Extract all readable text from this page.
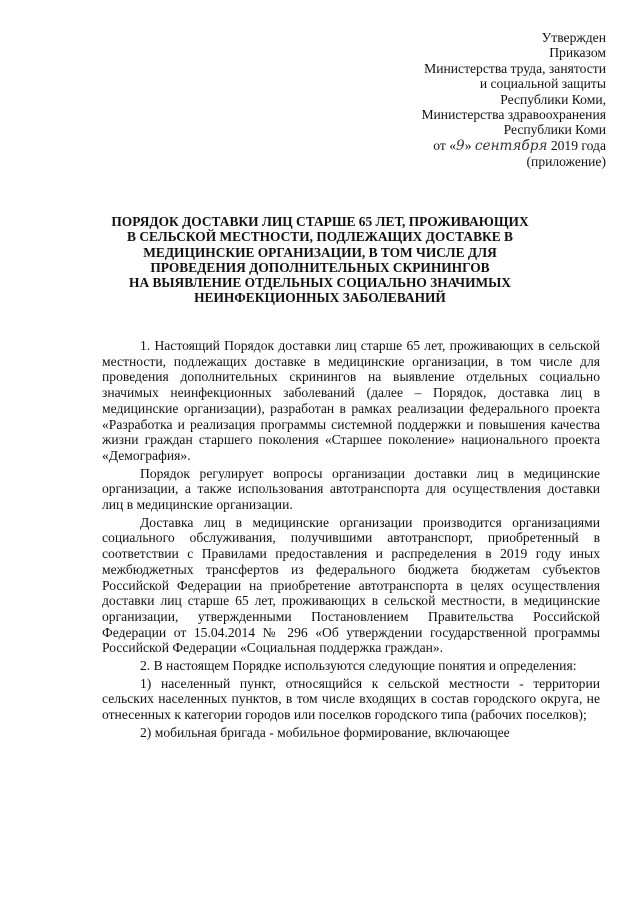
Утвержден
Приказом
Министерства труда, занятости
и социальной защиты
Республики Коми,
Министерства здравоохранения
Республики Коми
от «9» сентября 2019 года
(приложение)
ПОРЯДОК ДОСТАВКИ ЛИЦ СТАРШЕ 65 ЛЕТ, ПРОЖИВАЮЩИХ
В СЕЛЬСКОЙ МЕСТНОСТИ, ПОДЛЕЖАЩИХ ДОСТАВКЕ В
МЕДИЦИНСКИЕ ОРГАНИЗАЦИИ, В ТОМ ЧИСЛЕ ДЛЯ
ПРОВЕДЕНИЯ ДОПОЛНИТЕЛЬНЫХ СКРИНИНГОВ
НА ВЫЯВЛЕНИЕ ОТДЕЛЬНЫХ СОЦИАЛЬНО ЗНАЧИМЫХ
НЕИНФЕКЦИОННЫХ ЗАБОЛЕВАНИЙ

1. Настоящий Порядок доставки лиц старше 65 лет, проживающих в сельской местности, подлежащих доставке в медицинские организации, в том числе для проведения дополнительных скринингов на выявление отдельных социально значимых неинфекционных заболеваний (далее – Порядок, доставка лиц в медицинские организации), разработан в рамках реализации федерального проекта «Разработка и реализация программы системной поддержки и повышения качества жизни граждан старшего поколения «Старшее поколение» национального проекта «Демография».

Порядок регулирует вопросы организации доставки лиц в медицинские организации, а также использования автотранспорта для осуществления доставки лиц в медицинские организации.

Доставка лиц в медицинские организации производится организациями социального обслуживания, получившими автотранспорт, приобретенный в соответствии с Правилами предоставления и распределения в 2019 году иных межбюджетных трансфертов из федерального бюджета бюджетам субъектов Российской Федерации на приобретение автотранспорта в целях осуществления доставки лиц старше 65 лет, проживающих в сельской местности, в медицинские организации, утвержденными Постановлением Правительства Российской Федерации от 15.04.2014 № 296 «Об утверждении государственной программы Российской Федерации «Социальная поддержка граждан».

2. В настоящем Порядке используются следующие понятия и определения:

1) населенный пункт, относящийся к сельской местности - территории сельских населенных пунктов, в том числе входящих в состав городского округа, не отнесенных к категории городов или поселков городского типа (рабочих поселков);

2) мобильная бригада - мобильное формирование, включающее
